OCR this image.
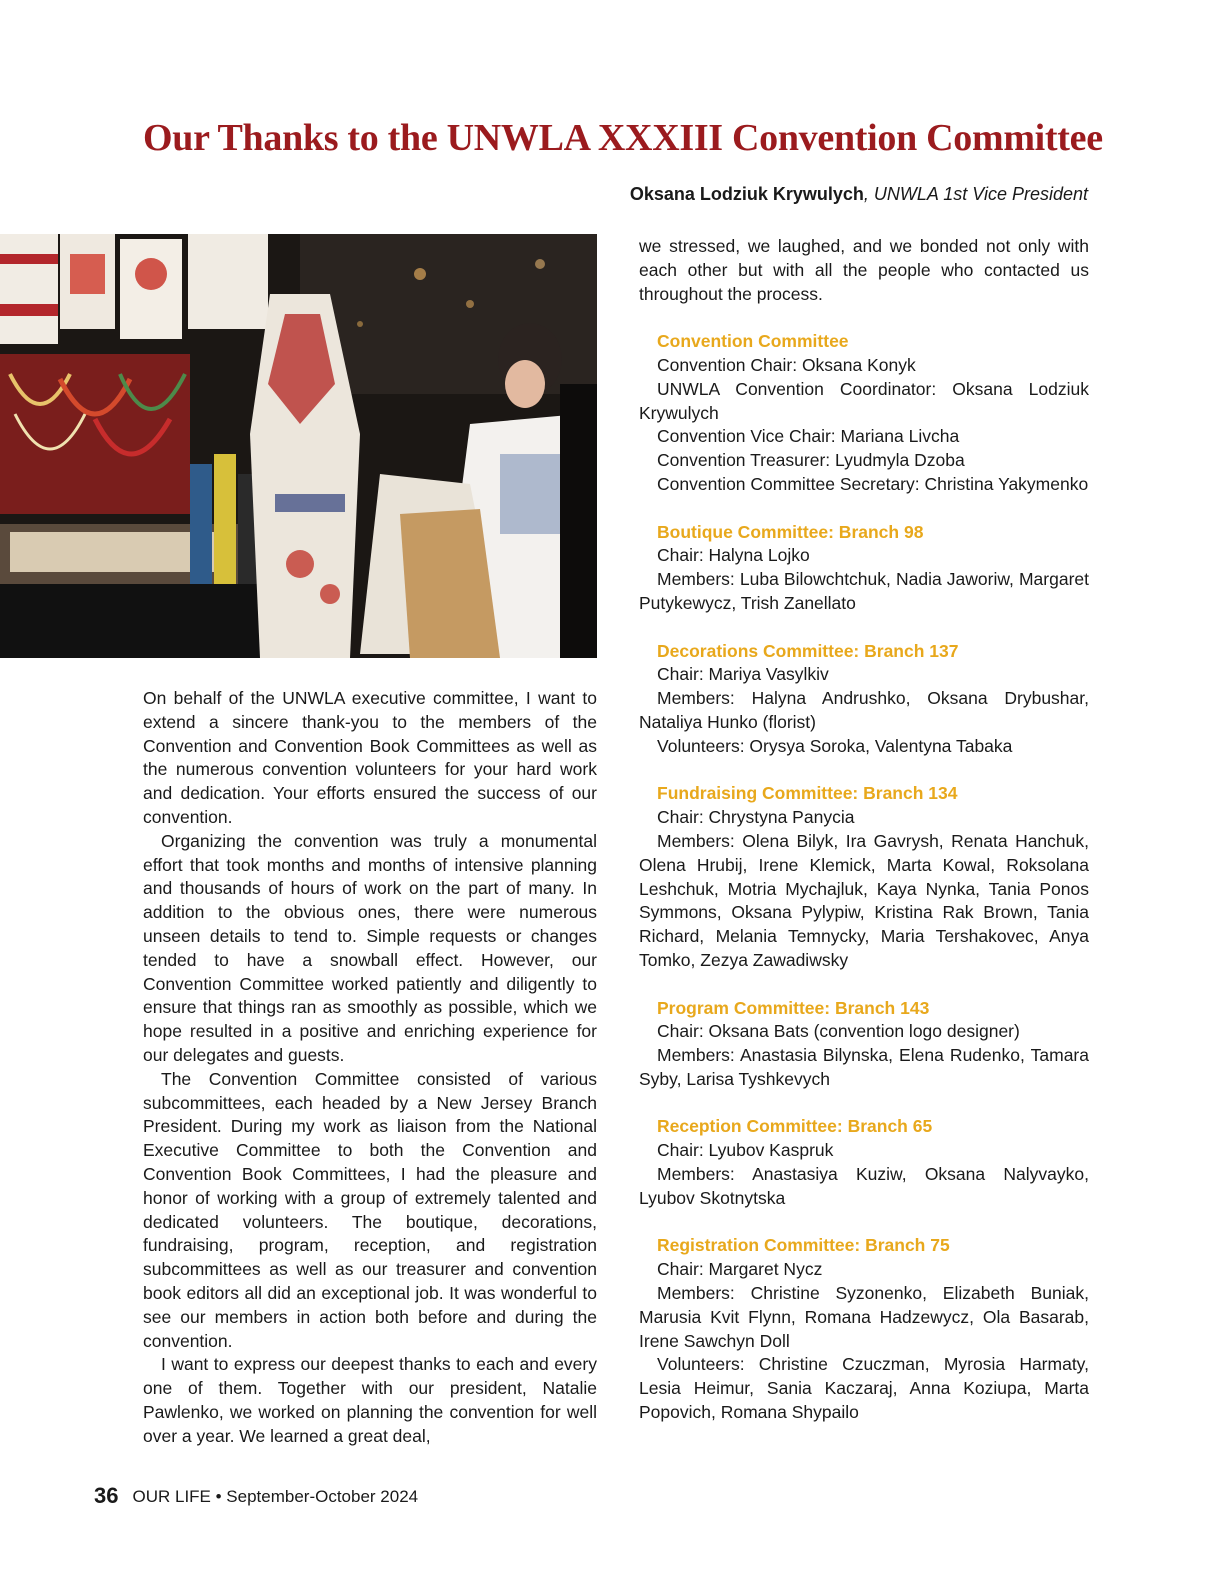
Our Thanks to the UNWLA XXXIII Convention Committee
Oksana Lodziuk Krywulych, UNWLA 1st Vice President

On behalf of the UNWLA executive committee, I want to extend a sincere thank-you to the members of the Convention and Convention Book Committees as well as the numerous convention volunteers for your hard work and dedication. Your efforts ensured the success of our convention.

Organizing the convention was truly a monumental effort that took months and months of intensive planning and thousands of hours of work on the part of many. In addition to the obvious ones, there were numerous unseen details to tend to. Simple requests or changes tended to have a snowball effect. However, our Convention Committee worked patiently and diligently to ensure that things ran as smoothly as possible, which we hope resulted in a positive and enriching experience for our delegates and guests.

The Convention Committee consisted of various subcommittees, each headed by a New Jersey Branch President. During my work as liaison from the National Executive Committee to both the Convention and Convention Book Committees, I had the pleasure and honor of working with a group of extremely talented and dedicated volunteers. The boutique, decorations, fundraising, program, reception, and registration subcommittees as well as our treasurer and convention book editors all did an exceptional job. It was wonderful to see our members in action both before and during the convention.

I want to express our deepest thanks to each and every one of them. Together with our president, Natalie Pawlenko, we worked on planning the convention for well over a year. We learned a great deal,

we stressed, we laughed, and we bonded not only with each other but with all the people who contacted us throughout the process.

Convention Committee
Convention Chair: Oksana Konyk
UNWLA Convention Coordinator: Oksana Lodziuk Krywulych
Convention Vice Chair: Mariana Livcha
Convention Treasurer: Lyudmyla Dzoba
Convention Committee Secretary: Christina Yakymenko
Boutique Committee: Branch 98
Chair: Halyna Lojko
Members: Luba Bilowchtchuk, Nadia Jaworiw, Margaret Putykewycz, Trish Zanellato
Decorations Committee: Branch 137
Chair: Mariya Vasylkiv
Members: Halyna Andrushko, Oksana Drybushar, Nataliya Hunko (florist)
Volunteers: Orysya Soroka, Valentyna Tabaka
Fundraising Committee: Branch 134
Chair: Chrystyna Panycia
Members: Olena Bilyk, Ira Gavrysh, Renata Hanchuk, Olena Hrubij, Irene Klemick, Marta Kowal, Roksolana Leshchuk, Motria Mychajluk, Kaya Nynka, Tania Ponos Symmons, Oksana Pylypiw, Kristina Rak Brown, Tania Richard, Melania Temnycky, Maria Tershakovec, Anya Tomko, Zezya Zawadiwsky
Program Committee: Branch 143
Chair: Oksana Bats (convention logo designer)
Members: Anastasia Bilynska, Elena Rudenko, Tamara Syby, Larisa Tyshkevych
Reception Committee: Branch 65
Chair: Lyubov Kaspruk
Members: Anastasiya Kuziw, Oksana Nalyvayko, Lyubov Skotnytska
Registration Committee: Branch 75
Chair: Margaret Nycz
Members: Christine Syzonenko, Elizabeth Buniak, Marusia Kvit Flynn, Romana Hadzewycz, Ola Basarab, Irene Sawchyn Doll
Volunteers: Christine Czuczman, Myrosia Harmaty, Lesia Heimur, Sania Kaczaraj, Anna Koziupa, Marta Popovich, Romana Shypailo
36 OUR LIFE • September-October 2024
